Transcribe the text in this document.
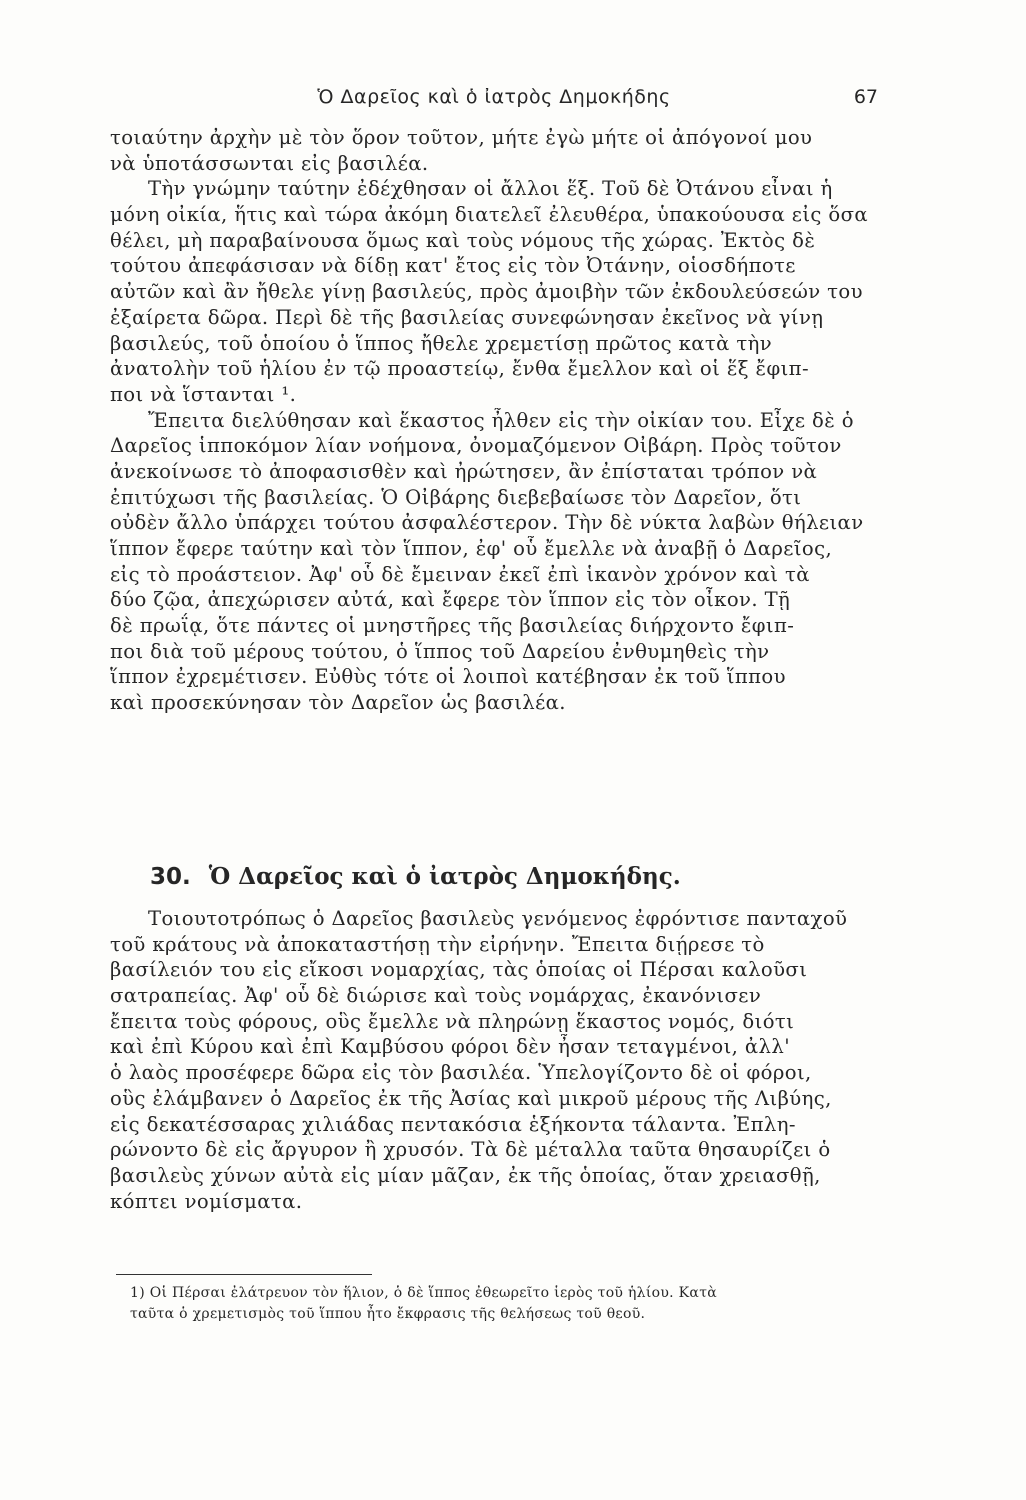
Ὁ Δαρεῖος καὶ ὁ ἰατρὸς Δημοκήδης	67
τοιαύτην ἀρχὴν μὲ τὸν ὅρον τοῦτον, μήτε ἐγὼ μήτε οἱ ἀπόγονοί μου
νὰ ὑποτάσσωνται εἰς βασιλέα.
Τὴν γνώμην ταύτην ἐδέχθησαν οἱ ἄλλοι ἕξ. Τοῦ δὲ Ὀτάνου εἶναι ἡ
μόνη οἰκία, ἥτις καὶ τώρα ἀκόμη διατελεῖ ἐλευθέρα, ὑπακούουσα εἰς ὅσα
θέλει, μὴ παραβαίνουσα ὅμως καὶ τοὺς νόμους τῆς χώρας. Ἐκτὸς δὲ
τούτου ἀπεφάσισαν νὰ δίδῃ κατ' ἔτος εἰς τὸν Ὀτάνην, οἱοσδήποτε
αὐτῶν καὶ ἂν ἤθελε γίνῃ βασιλεύς, πρὸς ἀμοιβὴν τῶν ἐκδουλεύσεών του
ἐξαίρετα δῶρα. Περὶ δὲ τῆς βασιλείας συνεφώνησαν ἐκεῖνος νὰ γίνῃ
βασιλεύς, τοῦ ὁποίου ὁ ἵππος ἤθελε χρεμετίσῃ πρῶτος κατὰ τὴν
ἀνατολὴν τοῦ ἡλίου ἐν τῷ προαστείῳ, ἔνθα ἔμελλον καὶ οἱ ἕξ ἔφιπ-
ποι νὰ ἵστανται ¹.
Ἔπειτα διελύθησαν καὶ ἕκαστος ἦλθεν εἰς τὴν οἰκίαν του. Εἶχε δὲ ὁ
Δαρεῖος ἱπποκόμον λίαν νοήμονα, ὀνομαζόμενον Οἰβάρη. Πρὸς τοῦτον
ἀνεκοίνωσε τὸ ἀποφασισθὲν καὶ ἠρώτησεν, ἂν ἐπίσταται τρόπον νὰ
ἐπιτύχωσι τῆς βασιλείας. Ὁ Οἰβάρης διεβεβαίωσε τὸν Δαρεῖον, ὅτι
οὐδὲν ἄλλο ὑπάρχει τούτου ἀσφαλέστερον. Τὴν δὲ νύκτα λαβὼν θήλειαν
ἵππον ἔφερε ταύτην καὶ τὸν ἵππον, ἐφ' οὗ ἔμελλε νὰ ἀναβῇ ὁ Δαρεῖος,
εἰς τὸ προάστειον. Ἀφ' οὗ δὲ ἔμειναν ἐκεῖ ἐπὶ ἱκανὸν χρόνον καὶ τὰ
δύο ζῷα, ἀπεχώρισεν αὐτά, καὶ ἔφερε τὸν ἵππον εἰς τὸν οἶκον. Τῇ
δὲ πρωΐᾳ, ὅτε πάντες οἱ μνηστῆρες τῆς βασιλείας διήρχοντο ἔφιπ-
ποι διὰ τοῦ μέρους τούτου, ὁ ἵππος τοῦ Δαρείου ἐνθυμηθεὶς τὴν
ἵππον ἐχρεμέτισεν. Εὐθὺς τότε οἱ λοιποὶ κατέβησαν ἐκ τοῦ ἵππου
καὶ προσεκύνησαν τὸν Δαρεῖον ὡς βασιλέα.
30. Ὁ Δαρεῖος καὶ ὁ ἰατρὸς Δημοκήδης.
Τοιουτοτρόπως ὁ Δαρεῖος βασιλεὺς γενόμενος ἐφρόντισε πανταχοῦ
τοῦ κράτους νὰ ἀποκαταστήσῃ τὴν εἰρήνην. Ἔπειτα διῄρεσε τὸ
βασίλειόν του εἰς εἴκοσι νομαρχίας, τὰς ὁποίας οἱ Πέρσαι καλοῦσι
σατραπείας. Ἀφ' οὗ δὲ διώρισε καὶ τοὺς νομάρχας, ἐκανόνισεν
ἔπειτα τοὺς φόρους, οὓς ἔμελλε νὰ πληρώνῃ ἕκαστος νομός, διότι
καὶ ἐπὶ Κύρου καὶ ἐπὶ Καμβύσου φόροι δὲν ἦσαν τεταγμένοι, ἀλλ'
ὁ λαὸς προσέφερε δῶρα εἰς τὸν βασιλέα. Ὑπελογίζοντο δὲ οἱ φόροι,
οὓς ἐλάμβανεν ὁ Δαρεῖος ἐκ τῆς Ἀσίας καὶ μικροῦ μέρους τῆς Λιβύης,
εἰς δεκατέσσαρας χιλιάδας πεντακόσια ἑξήκοντα τάλαντα. Ἐπλη-
ρώνοντο δὲ εἰς ἄργυρον ἢ χρυσόν. Τὰ δὲ μέταλλα ταῦτα θησαυρίζει ὁ
βασιλεὺς χύνων αὐτὰ εἰς μίαν μᾶζαν, ἐκ τῆς ὁποίας, ὅταν χρειασθῇ,
κόπτει νομίσματα.
1) Οἱ Πέρσαι ἐλάτρευον τὸν ἥλιον, ὁ δὲ ἵππος ἐθεωρεῖτο ἱερὸς τοῦ ἡλίου. Κατὰ
ταῦτα ὁ χρεμετισμὸς τοῦ ἵππου ἦτο ἔκφρασις τῆς θελήσεως τοῦ θεοῦ.
